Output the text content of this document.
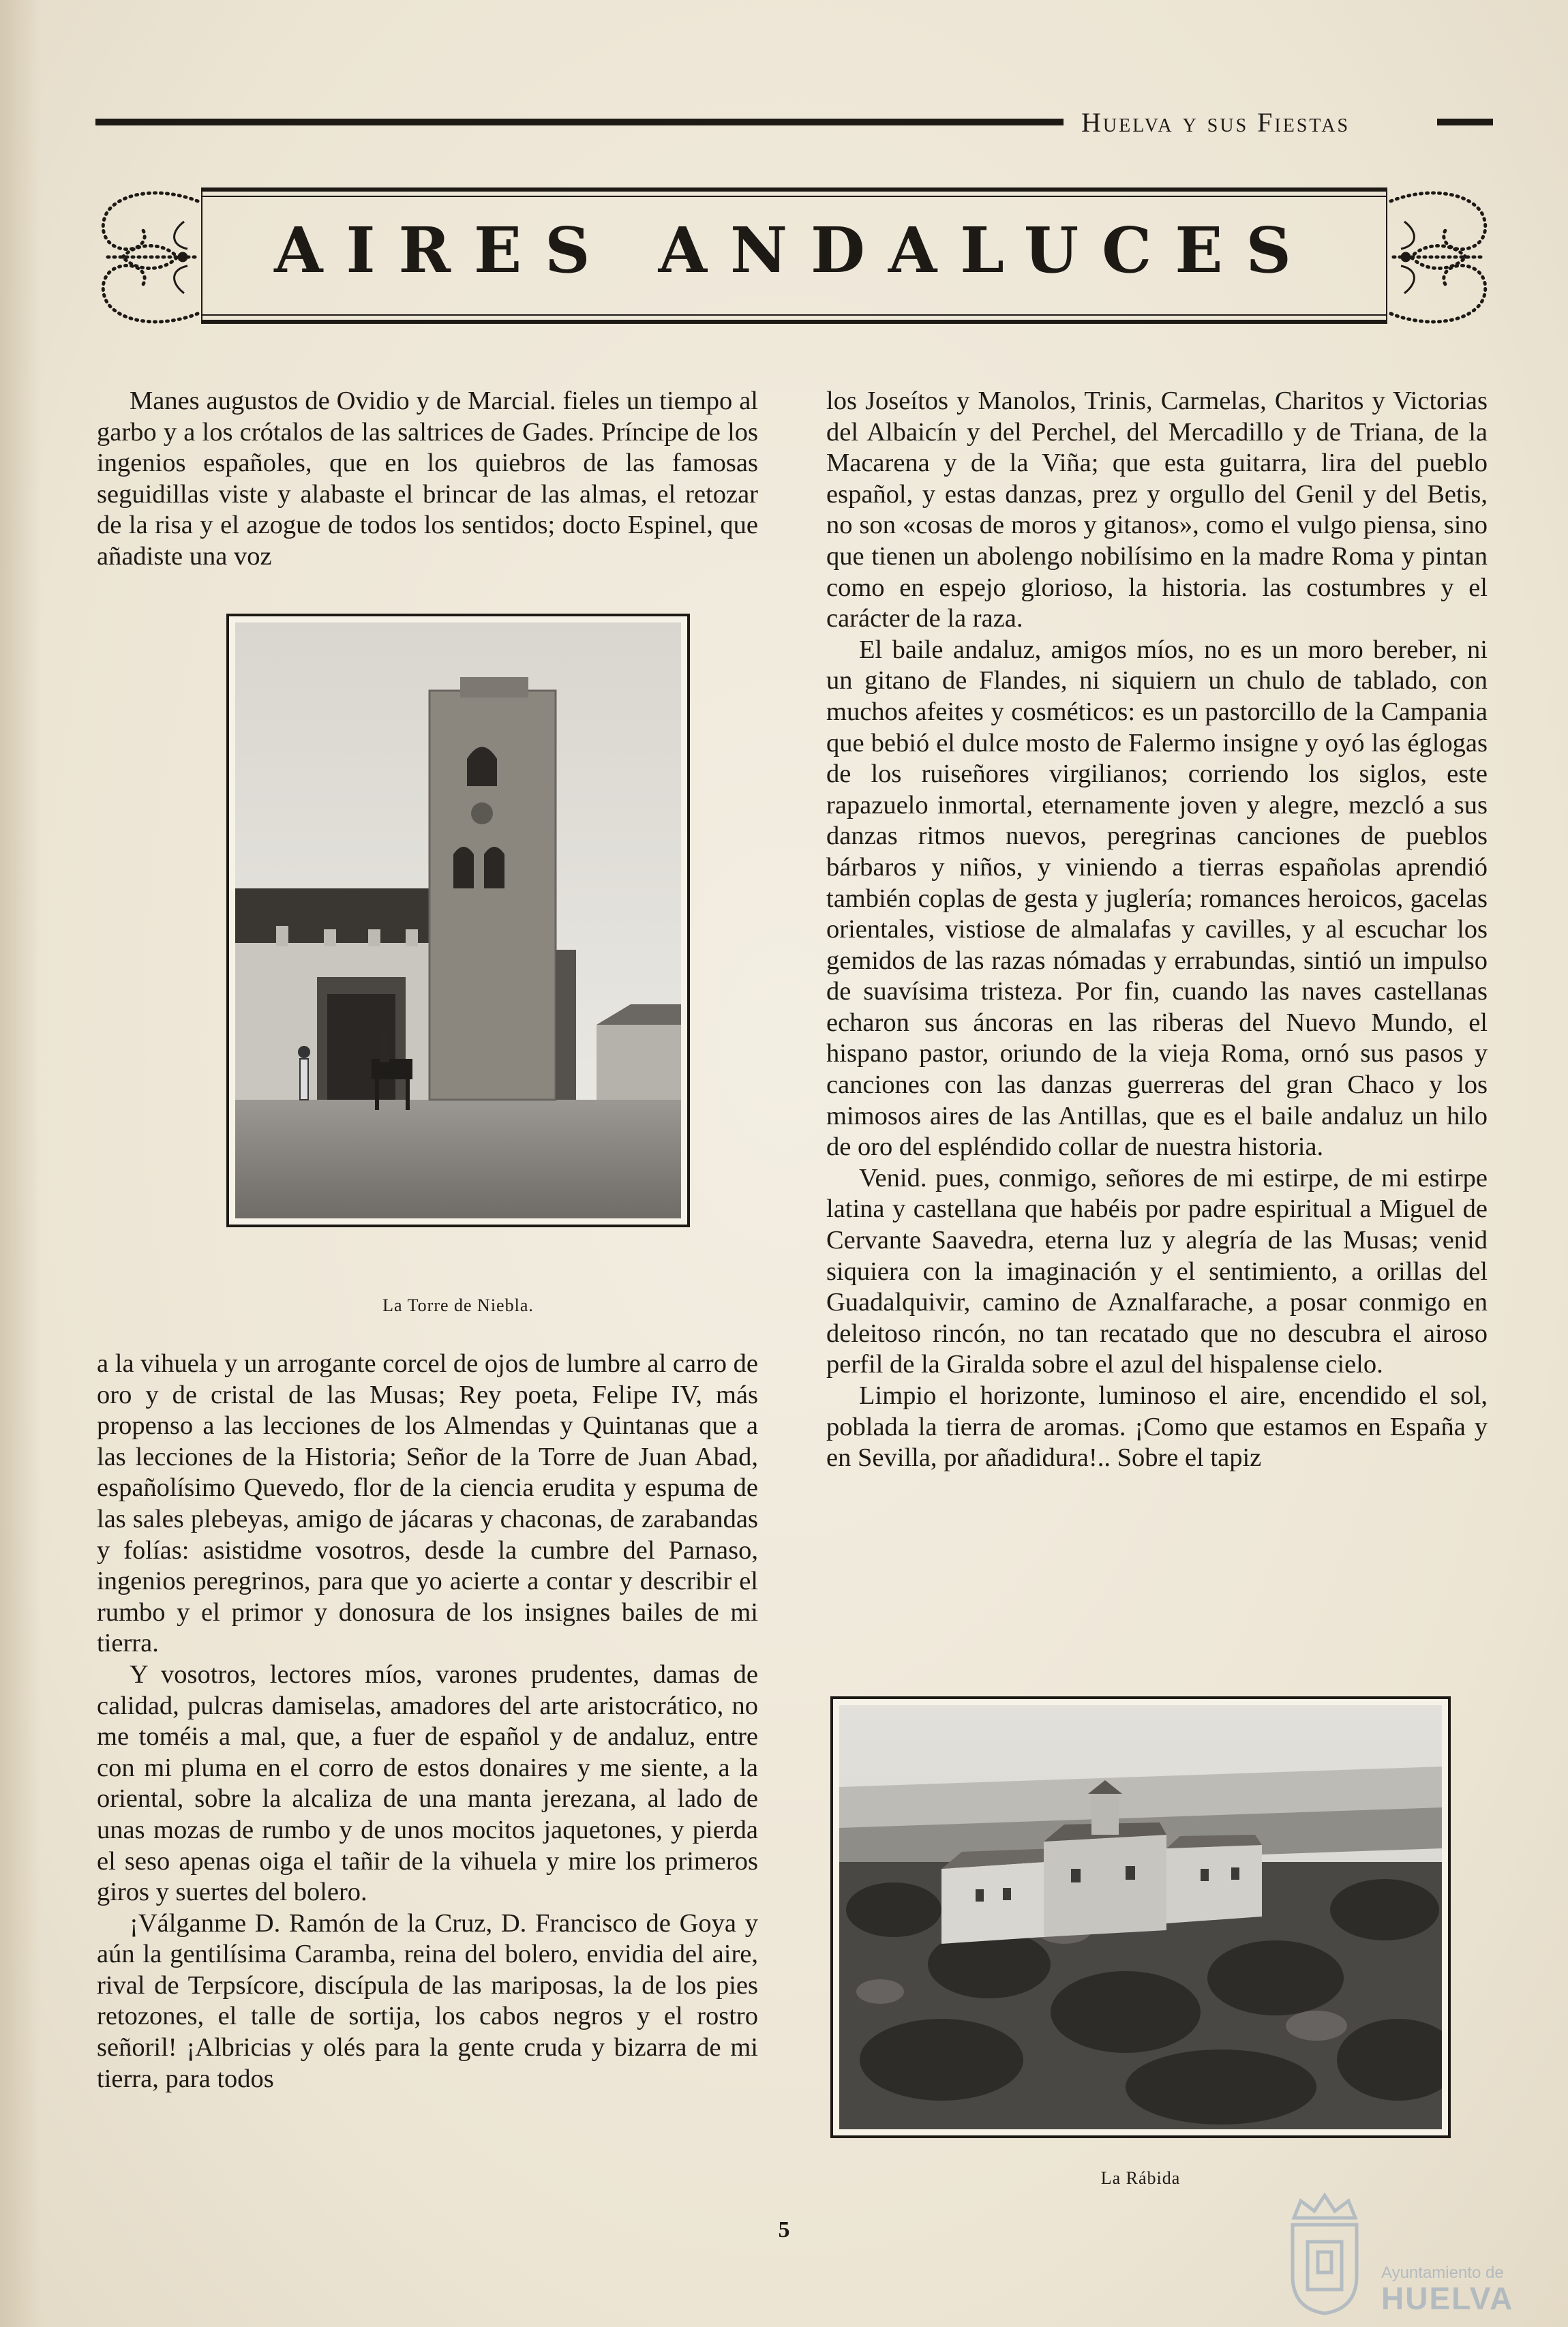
Huelva y sus Fiestas
AIRES ANDALUCES

Manes augustos de Ovidio y de Marcial. fieles un tiempo al garbo y a los crótalos de las saltrices de Gades. Príncipe de los ingenios españoles, que en los quiebros de las famosas seguidillas viste y alabaste el brincar de las almas, el retozar de la risa y el azogue de todos los sentidos; docto Espinel, que añadiste una voz

La Torre de Niebla.

a la vihuela y un arrogante corcel de ojos de lumbre al carro de oro y de cristal de las Musas; Rey poeta, Felipe IV, más propenso a las lecciones de los Almendas y Quintanas que a las lecciones de la Historia; Señor de la Torre de Juan Abad, españolísimo Quevedo, flor de la ciencia erudita y espuma de las sales plebeyas, amigo de jácaras y chaconas, de zarabandas y folías: asistidme vosotros, desde la cumbre del Parnaso, ingenios peregrinos, para que yo acierte a contar y describir el rumbo y el primor y donosura de los insignes bailes de mi tierra.

Y vosotros, lectores míos, varones prudentes, damas de calidad, pulcras damiselas, amadores del arte aristocrático, no me toméis a mal, que, a fuer de español y de andaluz, entre con mi pluma en el corro de estos donaires y me siente, a la oriental, sobre la alcaliza de una manta jerezana, al lado de unas mozas de rumbo y de unos mocitos jaquetones, y pierda el seso apenas oiga el tañir de la vihuela y mire los primeros giros y suertes del bolero.

¡Válganme D. Ramón de la Cruz, D. Francisco de Goya y aún la gentilísima Caramba, reina del bolero, envidia del aire, rival de Terpsícore, discípula de las mariposas, la de los pies retozones, el talle de sortija, los cabos negros y el rostro señoril! ¡Albricias y olés para la gente cruda y bizarra de mi tierra, para todos

los Joseítos y Manolos, Trinis, Carmelas, Charitos y Victorias del Albaicín y del Perchel, del Mercadillo y de Triana, de la Macarena y de la Viña; que esta guitarra, lira del pueblo español, y estas danzas, prez y orgullo del Genil y del Betis, no son «cosas de moros y gitanos», como el vulgo piensa, sino que tienen un abolengo nobilísimo en la madre Roma y pintan como en espejo glorioso, la historia. las costumbres y el carácter de la raza.

El baile andaluz, amigos míos, no es un moro bereber, ni un gitano de Flandes, ni siquiern un chulo de tablado, con muchos afeites y cosméticos: es un pastorcillo de la Campania que bebió el dulce mosto de Falermo insigne y oyó las églogas de los ruiseñores virgilianos; corriendo los siglos, este rapazuelo inmortal, eternamente joven y alegre, mezcló a sus danzas ritmos nuevos, peregrinas canciones de pueblos bárbaros y niños, y viniendo a tierras españolas aprendió también coplas de gesta y juglería; romances heroicos, gacelas orientales, vistiose de almalafas y cavilles, y al escuchar los gemidos de las razas nómadas y errabundas, sintió un impulso de suavísima tristeza. Por fin, cuando las naves castellanas echaron sus áncoras en las riberas del Nuevo Mundo, el hispano pastor, oriundo de la vieja Roma, ornó sus pasos y canciones con las danzas guerreras del gran Chaco y los mimosos aires de las Antillas, que es el baile andaluz un hilo de oro del espléndido collar de nuestra historia.

Venid. pues, conmigo, señores de mi estirpe, de mi estirpe latina y castellana que habéis por padre espiritual a Miguel de Cervante Saavedra, eterna luz y alegría de las Musas; venid siquiera con la imaginación y el sentimiento, a orillas del Guadalquivir, camino de Aznalfarache, a posar conmigo en deleitoso rincón, no tan recatado que no descubra el airoso perfil de la Giralda sobre el azul del hispalense cielo.

Limpio el horizonte, luminoso el aire, encendido el sol, poblada la tierra de aromas. ¡Como que estamos en España y en Sevilla, por añadidura!.. Sobre el tapiz

La Rábida
5
Ayuntamiento de
HUELVA
